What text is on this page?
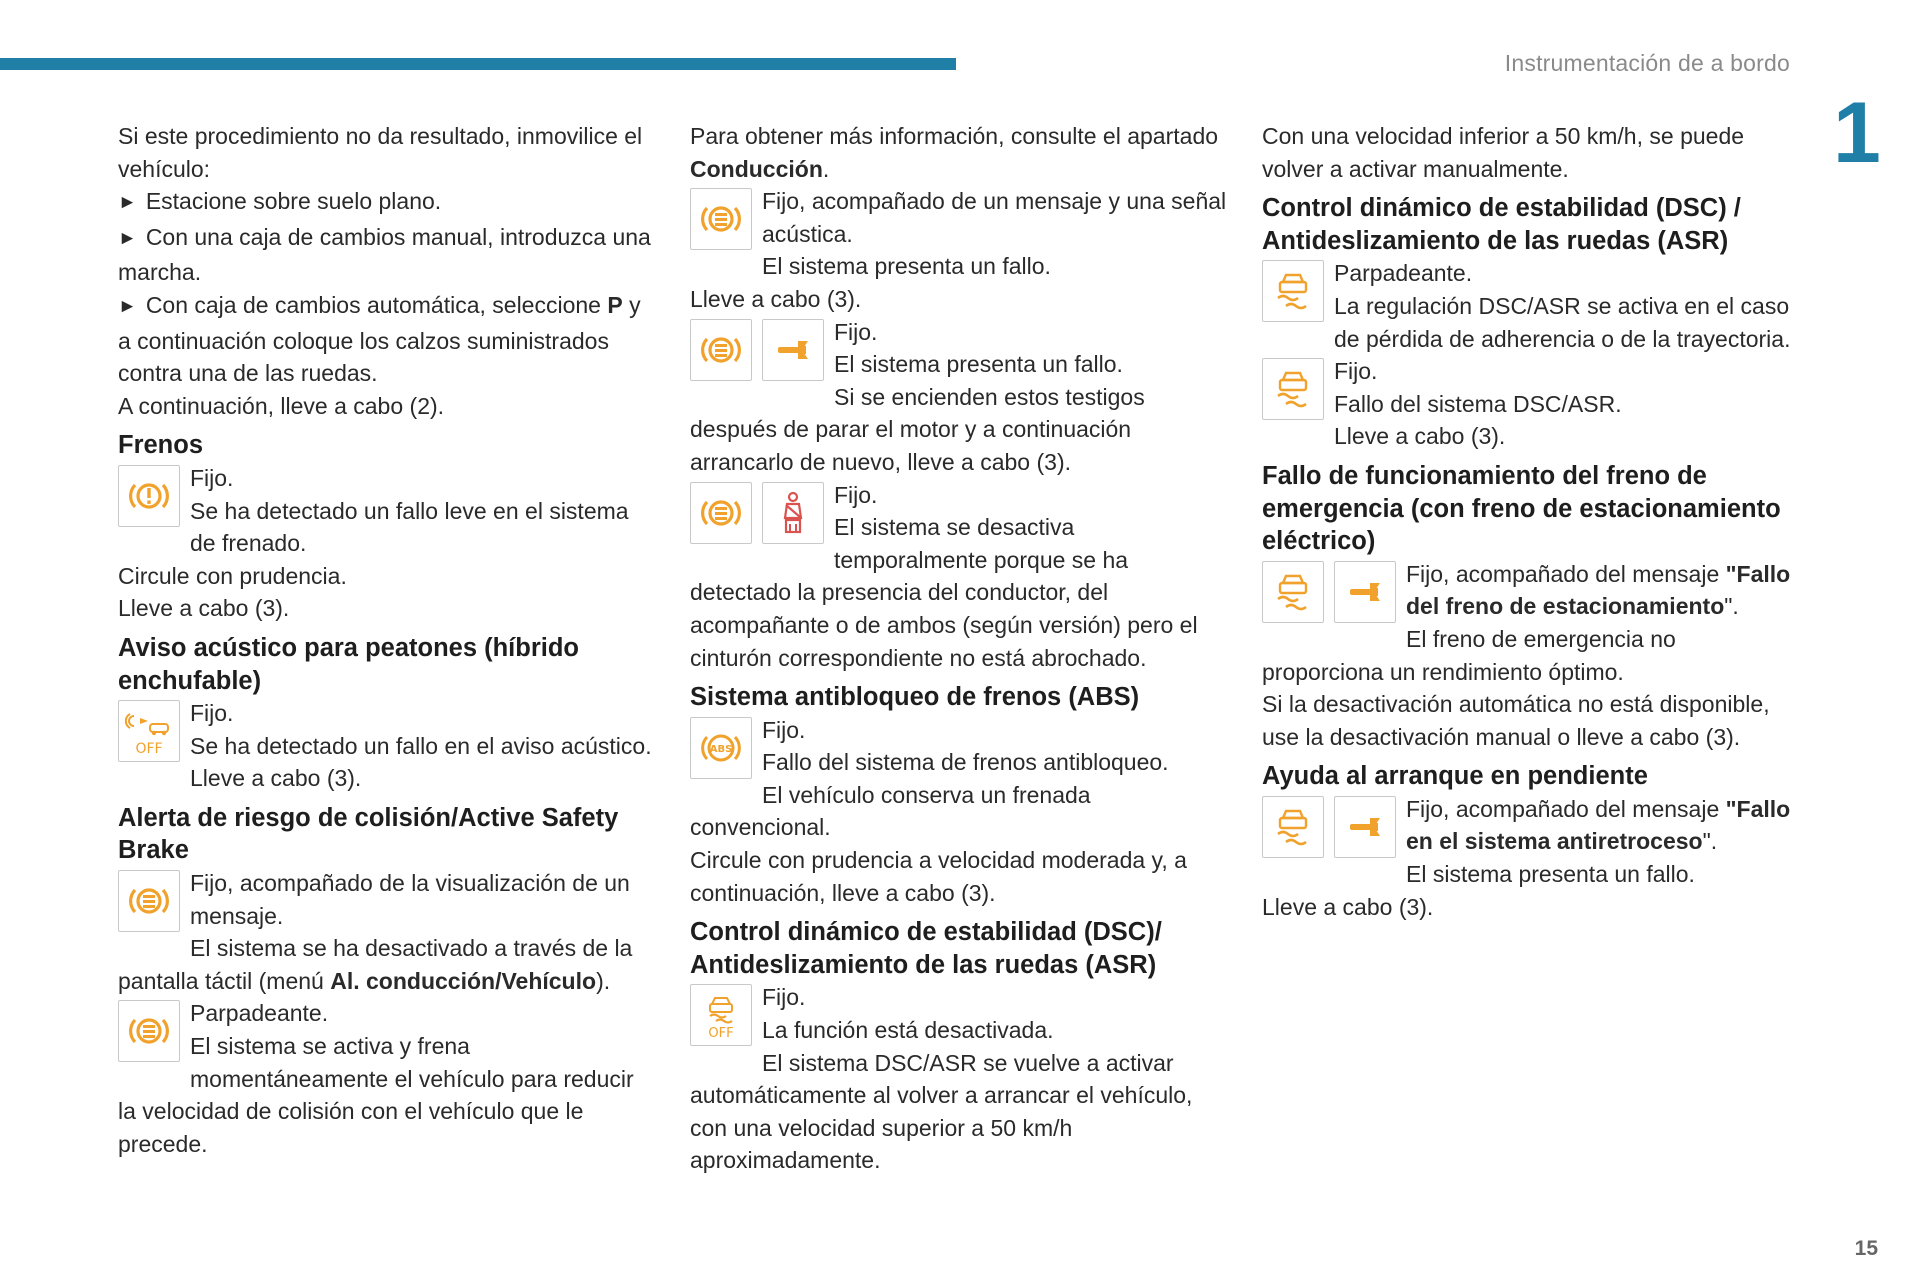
Instrumentación de a bordo
1

Si este procedimiento no da resultado, inmovilice el vehículo:

► Estacione sobre suelo plano.

► Con una caja de cambios manual, introduzca una marcha.

► Con caja de cambios automática, seleccione P y a continuación coloque los calzos suministrados contra una de las ruedas.

A continuación, lleve a cabo (2).

Frenos

Fijo.

Se ha detectado un fallo leve en el sistema de frenado.

Circule con prudencia.

Lleve a cabo (3).

Aviso acústico para peatones (híbrido enchufable)
OFF

Fijo.

Se ha detectado un fallo en el aviso acústico.

Lleve a cabo (3).

Alerta de riesgo de colisión/Active Safety Brake

Fijo, acompañado de la visualización de un mensaje.

El sistema se ha desactivado a través de la pantalla táctil (menú Al. conducción/Vehículo).

Parpadeante.

El sistema se activa y frena momentáneamente el vehículo para reducir la velocidad de colisión con el vehículo que le precede.

Para obtener más información, consulte el apartado Conducción.

Fijo, acompañado de un mensaje y una señal acústica.

El sistema presenta un fallo.

Lleve a cabo (3).

Fijo.

El sistema presenta un fallo.

Si se encienden estos testigos después de parar el motor y a continuación arrancarlo de nuevo, lleve a cabo (3).

Fijo.

El sistema se desactiva temporalmente porque se ha detectado la presencia del conductor, del acompañante o de ambos (según versión) pero el cinturón correspondiente no está abrochado.

Sistema antibloqueo de frenos (ABS)
ABS

Fijo.

Fallo del sistema de frenos antibloqueo.

El vehículo conserva un frenada convencional.

Circule con prudencia a velocidad moderada y, a continuación, lleve a cabo (3).

Control dinámico de estabilidad (DSC)/ Antideslizamiento de las ruedas (ASR)
OFF

Fijo.

La función está desactivada.

El sistema DSC/ASR se vuelve a activar automáticamente al volver a arrancar el vehículo, con una velocidad superior a 50 km/h aproximadamente.

Con una velocidad inferior a 50 km/h, se puede volver a activar manualmente.

Control dinámico de estabilidad (DSC) / Antideslizamiento de las ruedas (ASR)

Parpadeante.

La regulación DSC/ASR se activa en el caso de pérdida de adherencia o de la trayectoria.

Fijo.

Fallo del sistema DSC/ASR.

Lleve a cabo (3).

Fallo de funcionamiento del freno de emergencia (con freno de estacionamiento eléctrico)

Fijo, acompañado del mensaje "Fallo del freno de estacionamiento".

El freno de emergencia no proporciona un rendimiento óptimo.

Si la desactivación automática no está disponible, use la desactivación manual o lleve a cabo (3).

Ayuda al arranque en pendiente

Fijo, acompañado del mensaje "Fallo en el sistema antiretroceso".

El sistema presenta un fallo.

Lleve a cabo (3).

15
